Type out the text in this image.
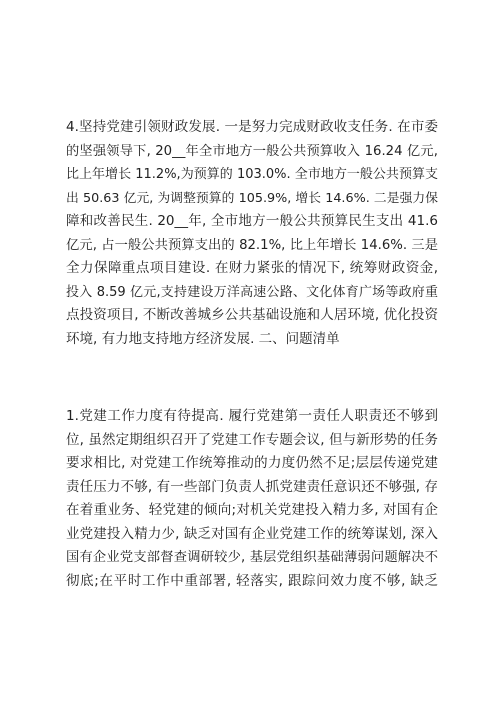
4.坚持党建引领财政发展. 一是努力完成财政收支任务. 在市委
的坚强领导下, 20__年全市地方一般公共预算收入 16.24 亿元,
比上年增长 11.2%,为预算的 103.0%. 全市地方一般公共预算支
出 50.63 亿元, 为调整预算的 105.9%, 增长 14.6%. 二是强力保
障和改善民生. 20__年, 全市地方一般公共预算民生支出 41.6
亿元, 占一般公共预算支出的 82.1%, 比上年增长 14.6%. 三是
全力保障重点项目建设. 在财力紧张的情况下, 统筹财政资金,
投入 8.59 亿元,支持建设万洋高速公路、文化体育广场等政府重
点投资项目, 不断改善城乡公共基础设施和人居环境, 优化投资
环境, 有力地支持地方经济发展. 二、问题清单
1.党建工作力度有待提高. 履行党建第一责任人职责还不够到
位, 虽然定期组织召开了党建工作专题会议, 但与新形势的任务
要求相比, 对党建工作统筹推动的力度仍然不足;层层传递党建
责任压力不够, 有一些部门负责人抓党建责任意识还不够强, 存
在着重业务、轻党建的倾向;对机关党建投入精力多, 对国有企
业党建投入精力少, 缺乏对国有企业党建工作的统筹谋划, 深入
国有企业党支部督查调研较少, 基层党组织基础薄弱问题解决不
彻底;在平时工作中重部署, 轻落实, 跟踪问效力度不够, 缺乏
